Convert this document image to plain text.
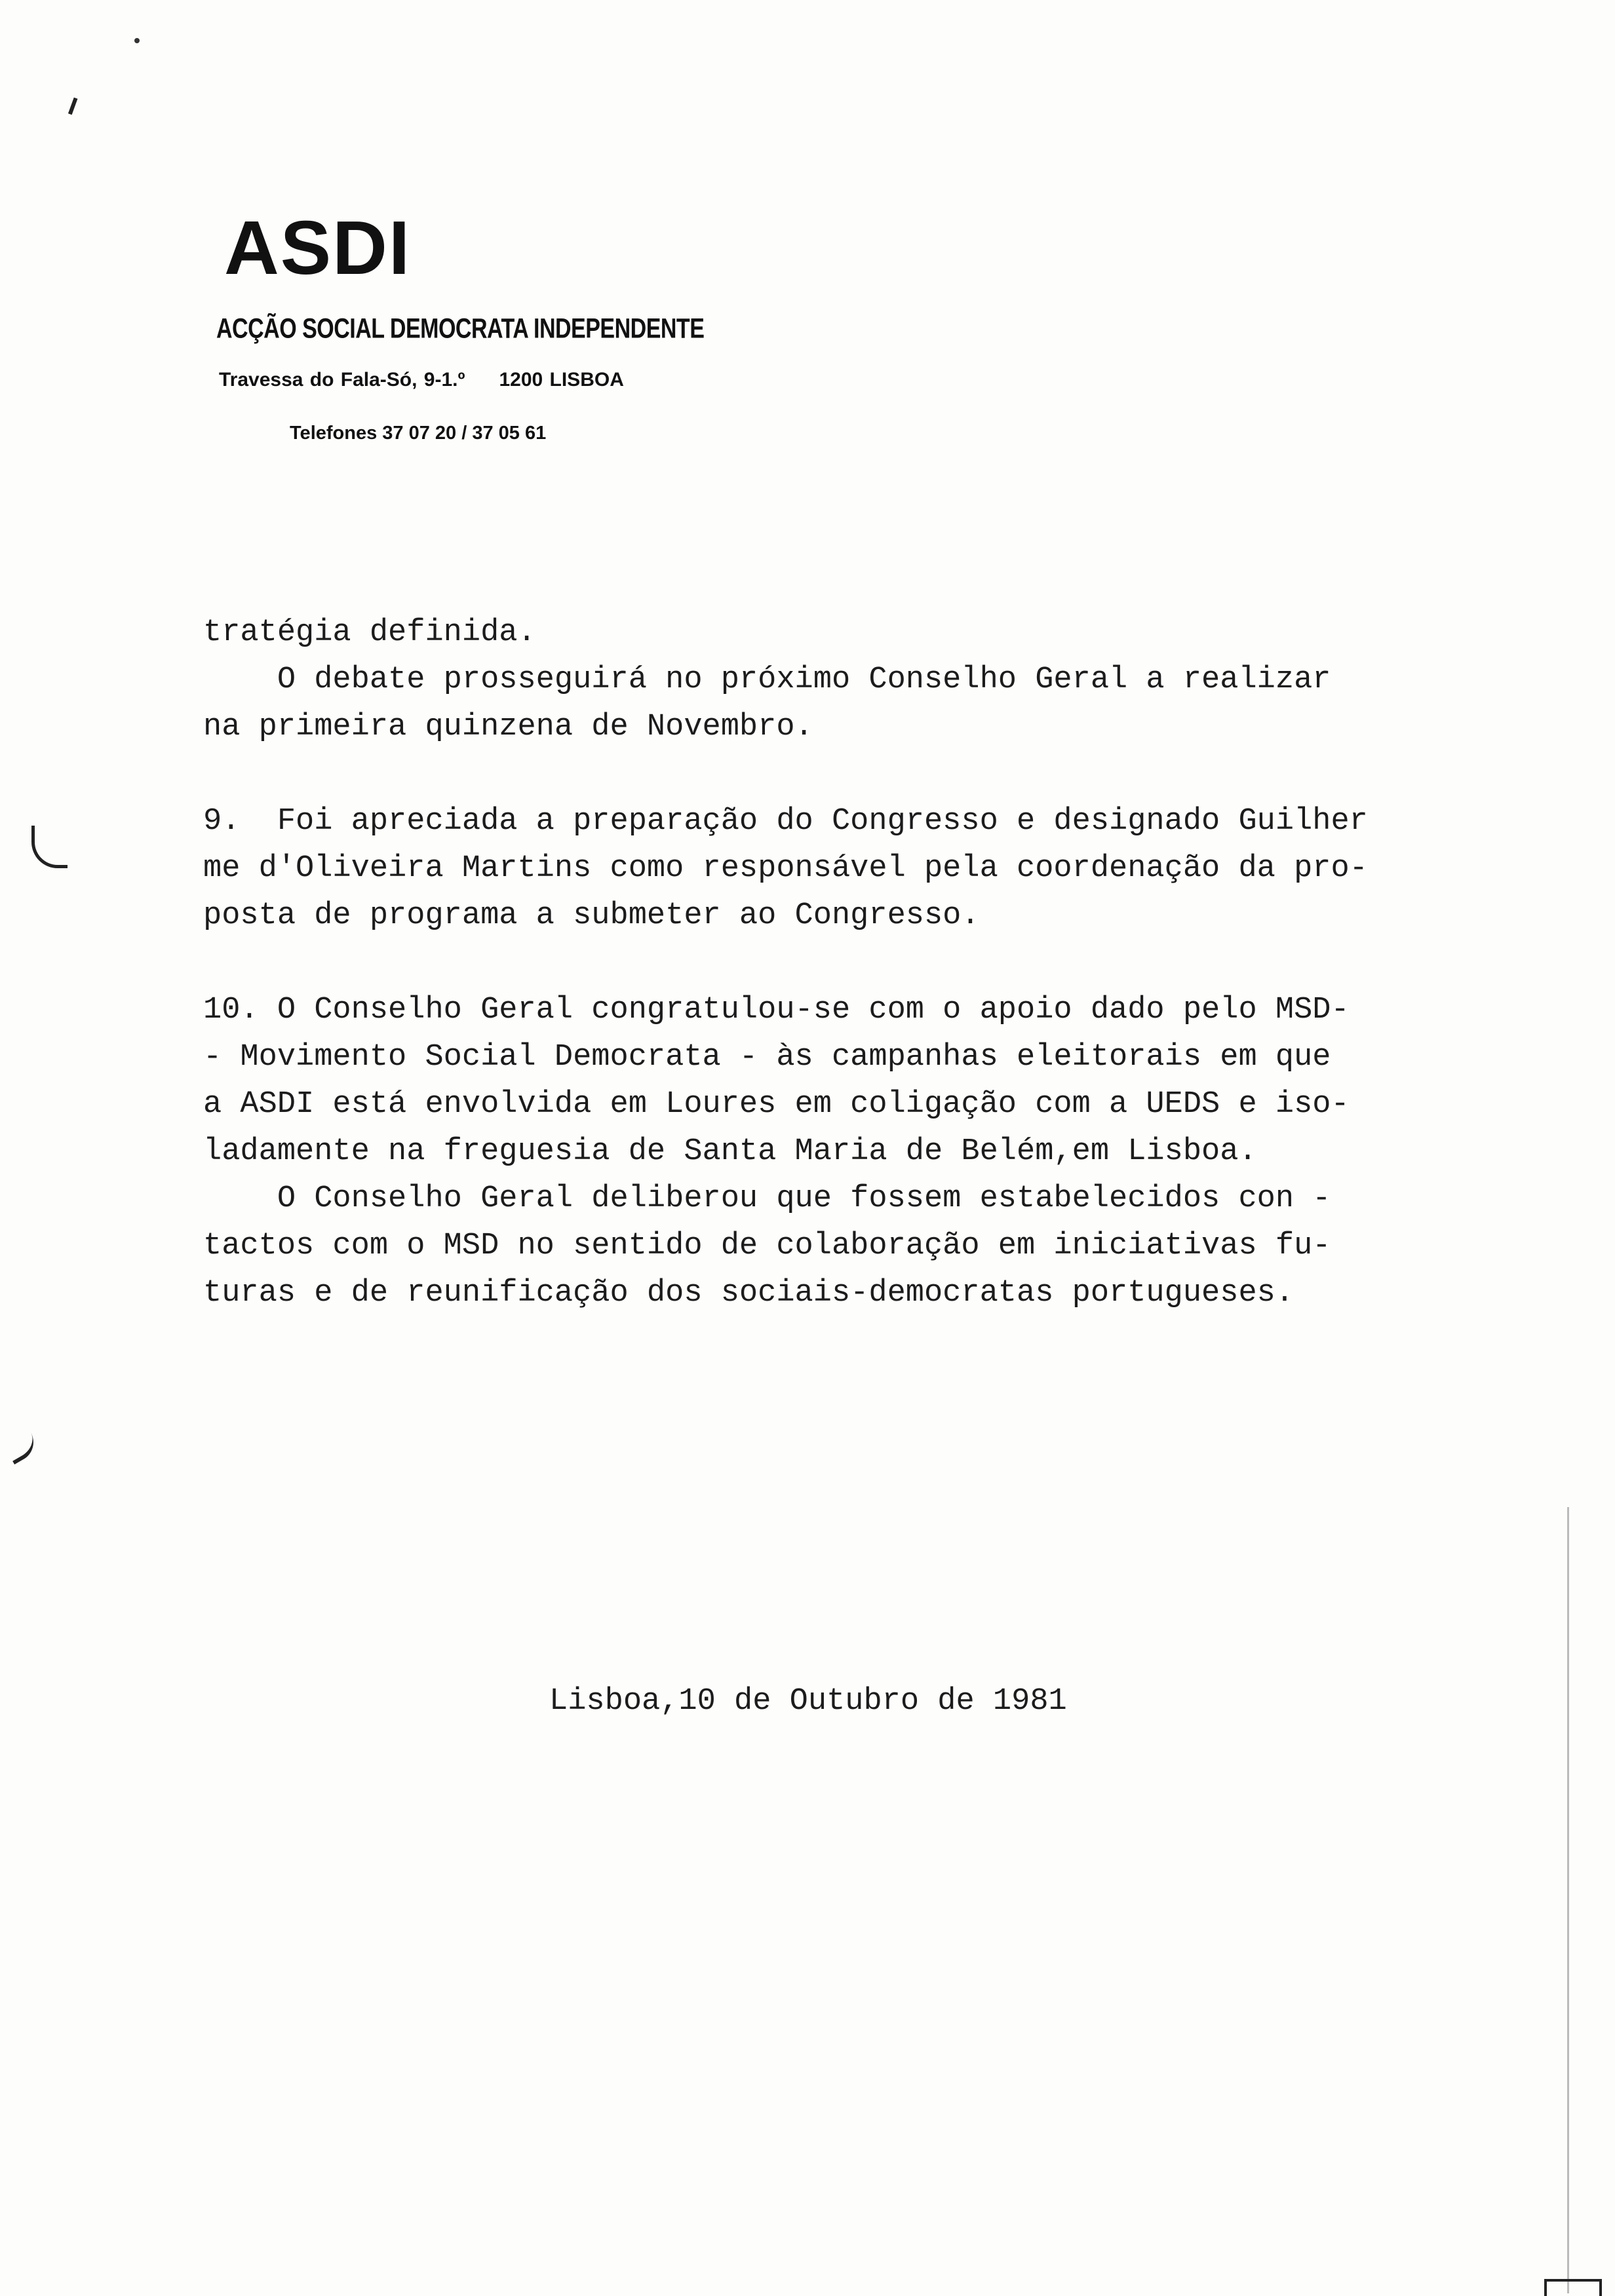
ASDI
ACÇÃO SOCIAL DEMOCRATA INDEPENDENTE
Travessa do Fala-Só, 9-1.º 1200 LISBOA
Telefones 37 07 20 / 37 05 61
tratégia definida.
O debate prosseguirá no próximo Conselho Geral a realizar
na primeira quinzena de Novembro.
9.  Foi apreciada a preparação do Congresso e designado Guilher
me d'Oliveira Martins como responsável pela coordenação da pro-
posta de programa a submeter ao Congresso.
10. O Conselho Geral congratulou-se com o apoio dado pelo MSD-
- Movimento Social Democrata - às campanhas eleitorais em que
a ASDI está envolvida em Loures em coligação com a UEDS e iso-
ladamente na freguesia de Santa Maria de Belém,em Lisboa.
O Conselho Geral deliberou que fossem estabelecidos con -
tactos com o MSD no sentido de colaboração em iniciativas fu-
turas e de reunificação dos sociais-democratas portugueses.
Lisboa,10 de Outubro de 1981
